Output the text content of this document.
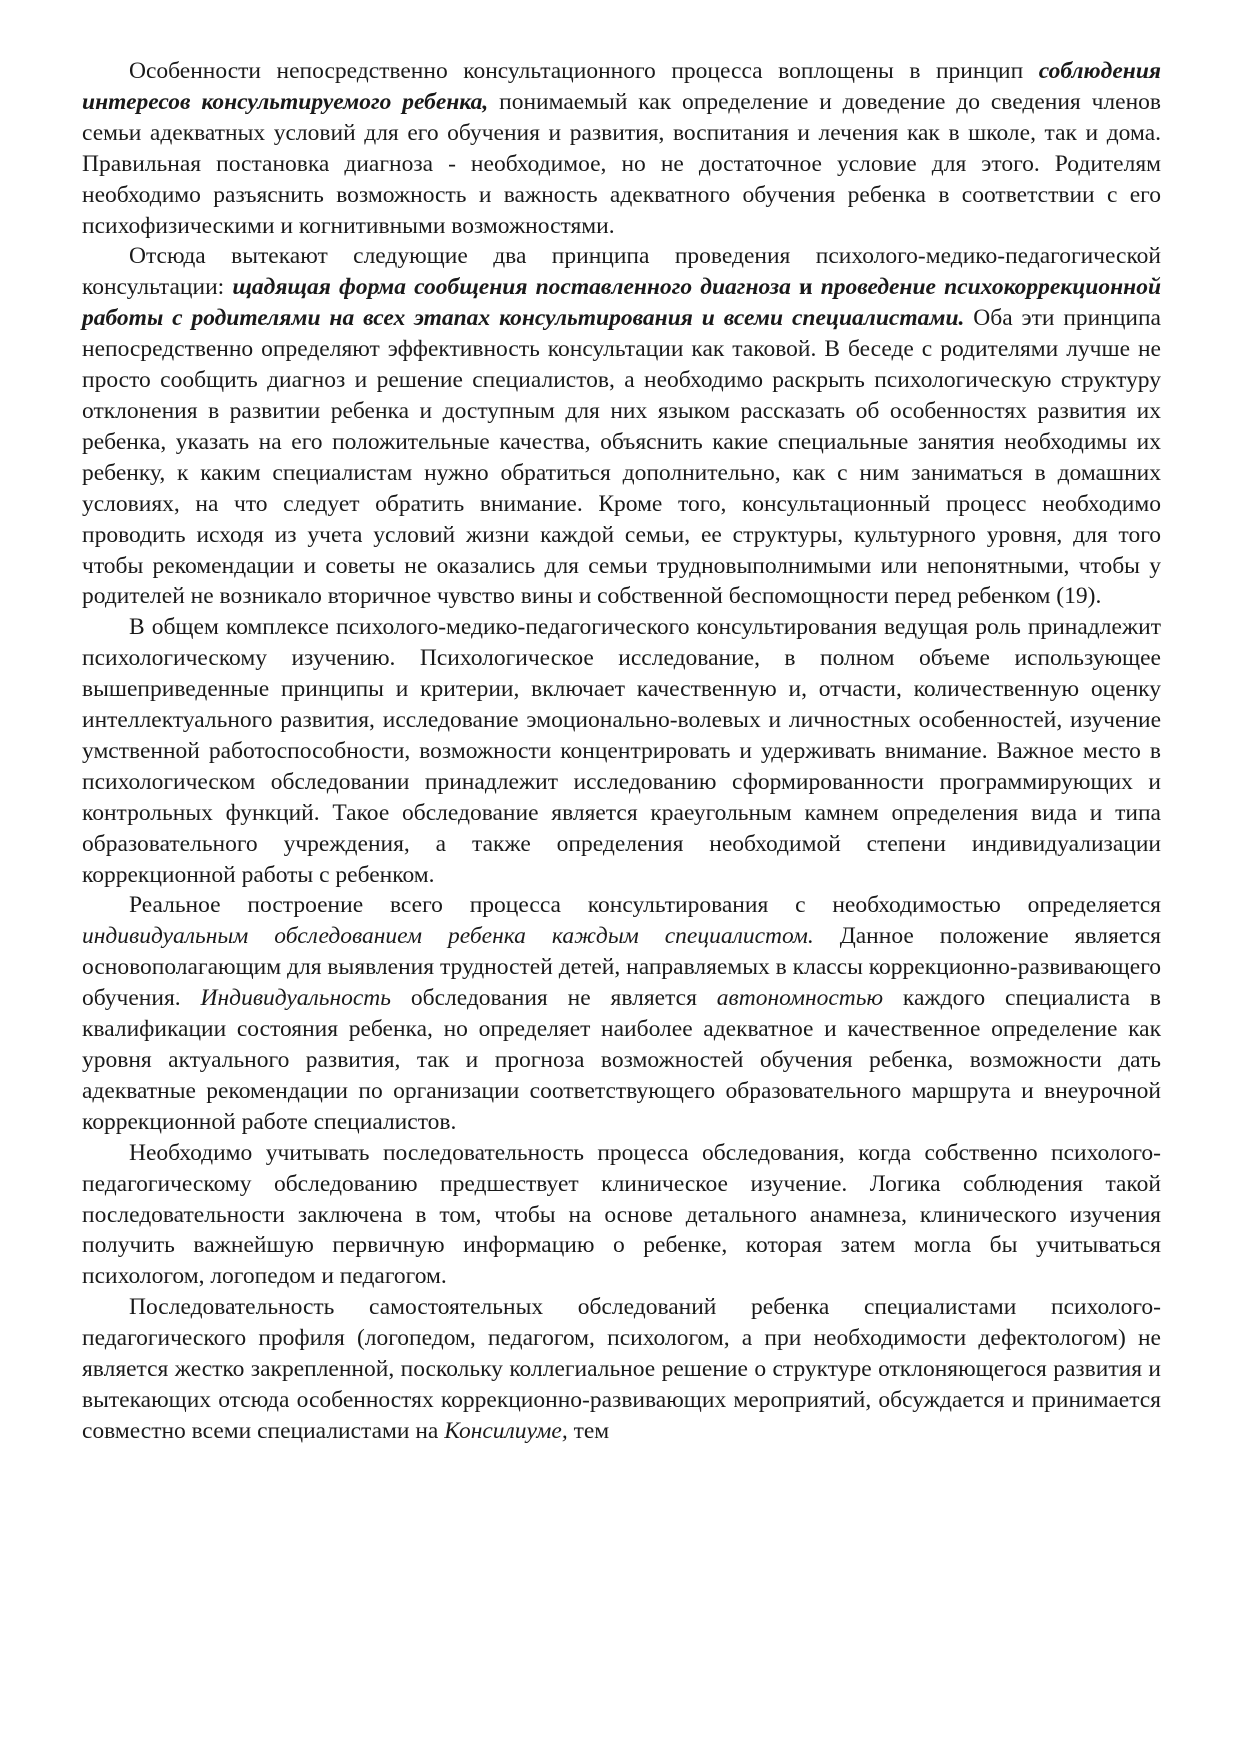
Особенности непосредственно консультационного процесса воплощены в принцип соблюдения интересов консультируемого ребенка, понимаемый как определение и доведение до сведения членов семьи адекватных условий для его обучения и развития, воспитания и лечения как в школе, так и дома. Правильная постановка диагноза - необходимое, но не достаточное условие для этого. Родителям необходимо разъяснить возможность и важность адекватного обучения ребенка в соответствии с его психофизическими и когнитивными возможностями.

Отсюда вытекают следующие два принципа проведения психолого-медико-педагогической консультации: щадящая форма сообщения поставленного диагноза и проведение психокоррекционной работы с родителями на всех этапах консультирования и всеми специалистами. Оба эти принципа непосредственно определяют эффективность консультации как таковой. В беседе с родителями лучше не просто сообщить диагноз и решение специалистов, а необходимо раскрыть психологическую структуру отклонения в развитии ребенка и доступным для них языком рассказать об особенностях развития их ребенка, указать на его положительные качества, объяснить какие специальные занятия необходимы их ребенку, к каким специалистам нужно обратиться дополнительно, как с ним заниматься в домашних условиях, на что следует обратить внимание. Кроме того, консультационный процесс необходимо проводить исходя из учета условий жизни каждой семьи, ее структуры, культурного уровня, для того чтобы рекомендации и советы не оказались для семьи трудновыполнимыми или непонятными, чтобы у родителей не возникало вторичное чувство вины и собственной беспомощности перед ребенком (19).

В общем комплексе психолого-медико-педагогического консультирования ведущая роль принадлежит психологическому изучению. Психологическое исследование, в полном объеме использующее вышеприведенные принципы и критерии, включает качественную и, отчасти, количественную оценку интеллектуального развития, исследование эмоционально-волевых и личностных особенностей, изучение умственной работоспособности, возможности концентрировать и удерживать внимание. Важное место в психологическом обследовании принадлежит исследованию сформированности программирующих и контрольных функций. Такое обследование является краеугольным камнем определения вида и типа образовательного учреждения, а также определения необходимой степени индивидуализации коррекционной работы с ребенком.

Реальное построение всего процесса консультирования с необходимостью определяется индивидуальным обследованием ребенка каждым специалистом. Данное положение является основополагающим для выявления трудностей детей, направляемых в классы коррекционно-развивающего обучения. Индивидуальность обследования не является автономностью каждого специалиста в квалификации состояния ребенка, но определяет наиболее адекватное и качественное определение как уровня актуального развития, так и прогноза возможностей обучения ребенка, возможности дать адекватные рекомендации по организации соответствующего образовательного маршрута и внеурочной коррекционной работе специалистов.

Необходимо учитывать последовательность процесса обследования, когда собственно психолого-педагогическому обследованию предшествует клиническое изучение. Логика соблюдения такой последовательности заключена в том, чтобы на основе детального анамнеза, клинического изучения получить важнейшую первичную информацию о ребенке, которая затем могла бы учитываться психологом, логопедом и педагогом.

Последовательность самостоятельных обследований ребенка специалистами психолого-педагогического профиля (логопедом, педагогом, психологом, а при необходимости дефектологом) не является жестко закрепленной, поскольку коллегиальное решение о структуре отклоняющегося развития и вытекающих отсюда особенностях коррекционно-развивающих мероприятий, обсуждается и принимается совместно всеми специалистами на Консилиуме, тем
